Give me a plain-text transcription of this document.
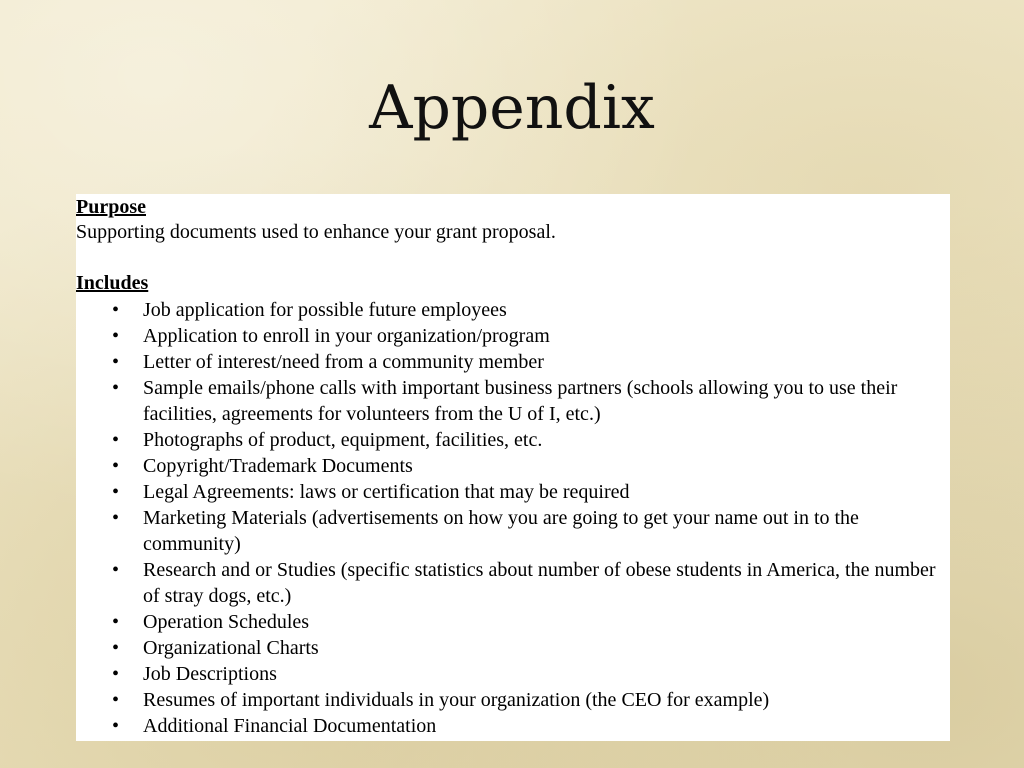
Appendix

Purpose

Supporting documents used to enhance your grant proposal.

Includes

• Job application for possible future employees
• Application to enroll in your organization/program
• Letter of interest/need from a community member
• Sample emails/phone calls with important business partners (schools allowing you to use their facilities, agreements for volunteers from the U of I, etc.)
• Photographs of product, equipment, facilities, etc.
• Copyright/Trademark Documents
• Legal Agreements: laws or certification that may be required
• Marketing Materials (advertisements on how you are going to get your name out in to the community)
• Research and or Studies (specific statistics about number of obese students in America, the number of stray dogs, etc.)
• Operation Schedules
• Organizational Charts
• Job Descriptions
• Resumes of important individuals in your organization (the CEO for example)
• Additional Financial Documentation
